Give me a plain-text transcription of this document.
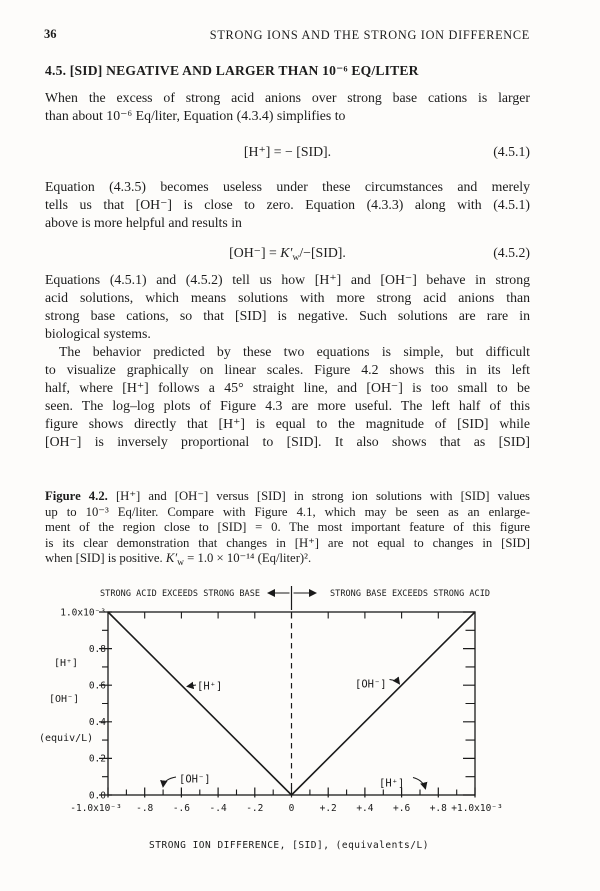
36	STRONG IONS AND THE STRONG ION DIFFERENCE
4.5. [SID] NEGATIVE AND LARGER THAN 10⁻⁶ EQ/LITER
When the excess of strong acid anions over strong base cations is larger
than about 10⁻⁶ Eq/liter, Equation (4.3.4) simplifies to
[H⁺] = − [SID].	(4.5.1)
Equation (4.3.5) becomes useless under these circumstances and merely
tells us that [OH⁻] is close to zero. Equation (4.3.3) along with (4.5.1)
above is more helpful and results in
$[OH^-] = K'_w/-[SID]$.	(4.5.2)
Equations (4.5.1) and (4.5.2) tell us how [H⁺] and [OH⁻] behave in strong
acid solutions, which means solutions with more strong acid anions than
strong base cations, so that [SID] is negative. Such solutions are rare in
biological systems.
The behavior predicted by these two equations is simple, but difficult
to visualize graphically on linear scales. Figure 4.2 shows this in its left
half, where [H⁺] follows a 45° straight line, and [OH⁻] is too small to be
seen. The log–log plots of Figure 4.3 are more useful. The left half of this
figure shows directly that [H⁺] is equal to the magnitude of [SID] while
[OH⁻] is inversely proportional to [SID]. It also shows that as [SID]
Figure 4.2. [H⁺] and [OH⁻] versus [SID] in strong ion solutions with [SID] values
up to 10⁻³ Eq/liter. Compare with Figure 4.1, which may be seen as an enlarge-
ment of the region close to [SID] = 0. The most important feature of this figure
is its clear demonstration that changes in [H⁺] are not equal to changes in [SID]
when [SID] is positive. $K'_w = 1.0 \times 10^{-14}$ (Eq/liter)².
STRONG ACID EXCEEDS STRONG BASE	STRONG BASE EXCEEDS STRONG ACID
1.0x10⁻³
0.8
0.6
0.4
0.2
0.0
[H⁺]
[OH⁻]
(equiv/L)
-1.0x10⁻³ -.8 -.6 -.4 -.2	0	+.2 +.4 +.6 +.8 +1.0x10⁻³
STRONG ION DIFFERENCE, [SID], (equivalents/L)
[H⁺]
[OH⁻]
[OH⁻]
[H⁺]
